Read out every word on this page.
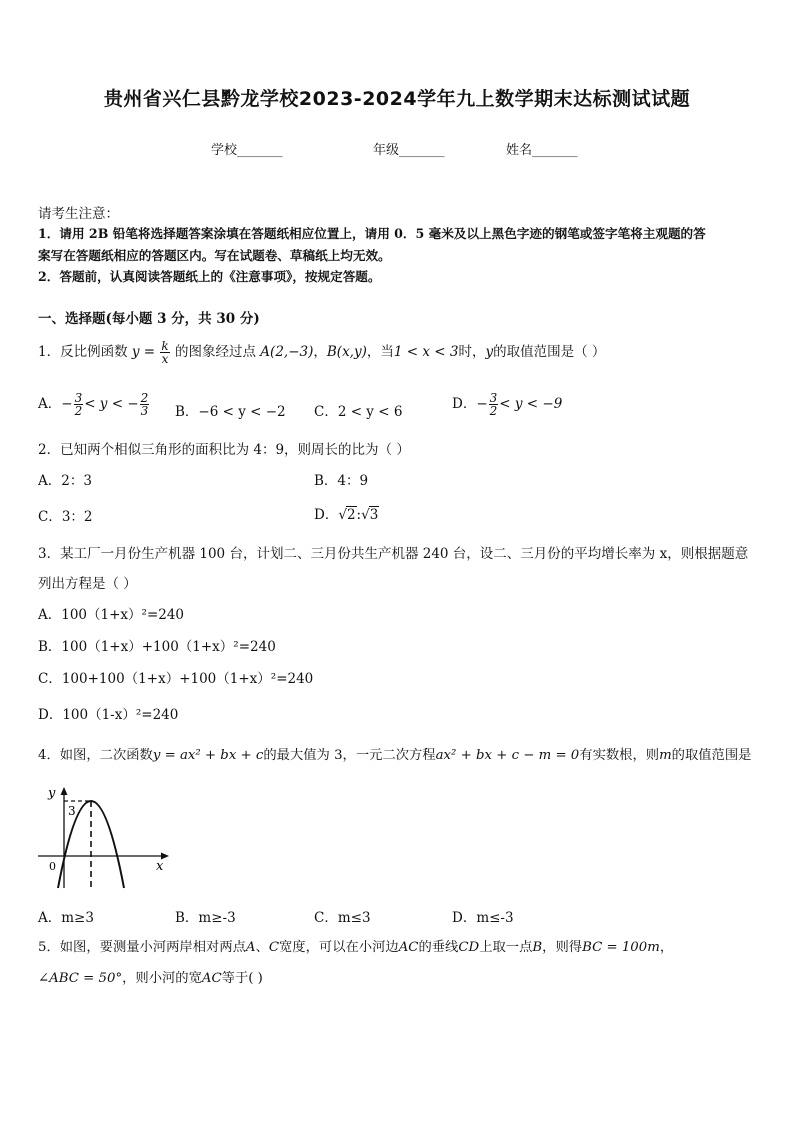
贵州省兴仁县黔龙学校2023-2024学年九上数学期末达标测试试题
学校_______	年级_______	姓名_______
请考生注意：
1．请用 2B 铅笔将选择题答案涂填在答题纸相应位置上，请用 0．5 毫米及以上黑色字迹的钢笔或签字笔将主观题的答
案写在答题纸相应的答题区内。写在试题卷、草稿纸上均无效。
2．答题前，认真阅读答题纸上的《注意事项》，按规定答题。
一、选择题(每小题 3 分，共 30 分)
1．反比例函数 $y = \frac{k}{x}$ 的图象经过点 A(2,−3)，B(x,y)，当1 < x < 3时，y的取值范围是（ ）
A．− $\frac{3}{2} < y$ < − $\frac{2}{3}$ B．−6 < y < −2 C．2 < y < 6	D．− $\frac{3}{2} < y < -9$
2．已知两个相似三角形的面积比为 4：9，则周长的比为（ ）
A．2：3	B．4：9
C．3：2	D．√2:√3
3．某工厂一月份生产机器 100 台，计划二、三月份共生产机器 240 台，设二、三月份的平均增长率为 x，则根据题意
列出方程是（ ）
A．100（1+x）²=240
B．100（1+x）+100（1+x）²=240
C．100+100（1+x）+100（1+x）²=240
D．100（1-x）²=240
4．如图，二次函数y = ax² + bx + c的最大值为 3，一元二次方程ax² + bx + c − m = 0有实数根，则m的取值范围是
y
x
0
3
A．m≥3	B．m≥-3	C．m≤3	D．m≤-3
5．如图，要测量小河两岸相对两点A、C宽度，可以在小河边AC的垂线CD上取一点B，则得BC = 100m，
∠ABC = 50°，则小河的宽AC等于( )
